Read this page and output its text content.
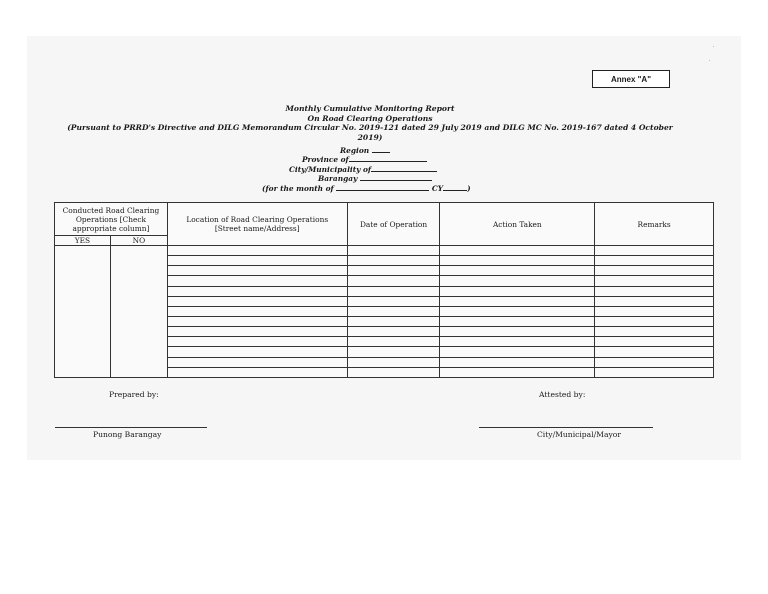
Annex "A"
Monthly Cumulative Monitoring Report
On Road Clearing Operations
(Pursuant to PRRD's Directive and DILG Memorandum Circular No. 2019-121 dated 29 July 2019 and DILG MC No. 2019-167 dated 4 October 2019)
Region
Province of
City/Municipality of
Barangay
(for the month of	CY	)
Conducted Road Clearing Operations [Check appropriate column]		Location of Road Clearing Operations [Street name/Address]	Date of Operation	Action Taken	Remarks
YES	NO				

Prepared by:	Attested by:
Punong Barangay	City/Municipal/Mayor
